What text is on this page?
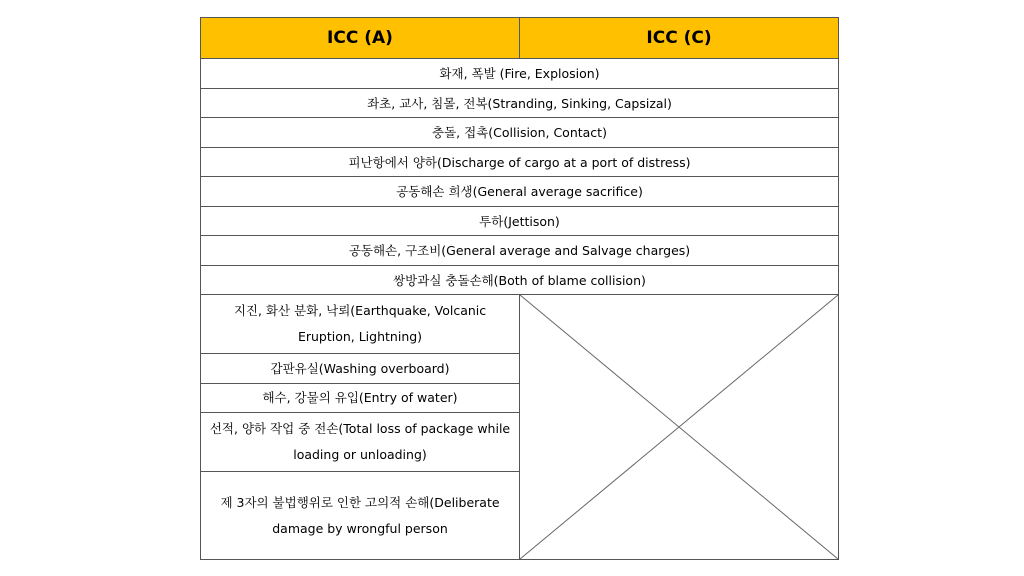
ICC (A)	ICC (C)
화재, 폭발 (Fire, Explosion)	
좌초, 교사, 침몰, 전복(Stranding, Sinking, Capsizal)	
충돌, 접촉(Collision, Contact)	
피난항에서 양하(Discharge of cargo at a port of distress)	
공동해손 희생(General average sacrifice)	
투하(Jettison)	
공동해손, 구조비(General average and Salvage charges)	
쌍방과실 충돌손해(Both of blame collision)	
지진, 화산 분화, 낙뢰(Earthquake, Volcanic Eruption, Lightning)	

갑판유실(Washing overboard)	
해수, 강물의 유입(Entry of water)	
선적, 양하 작업 중 전손(Total loss of package while loading or unloading)	
제 3자의 불법행위로 인한 고의적 손해(Deliberate damage by wrongful person	
